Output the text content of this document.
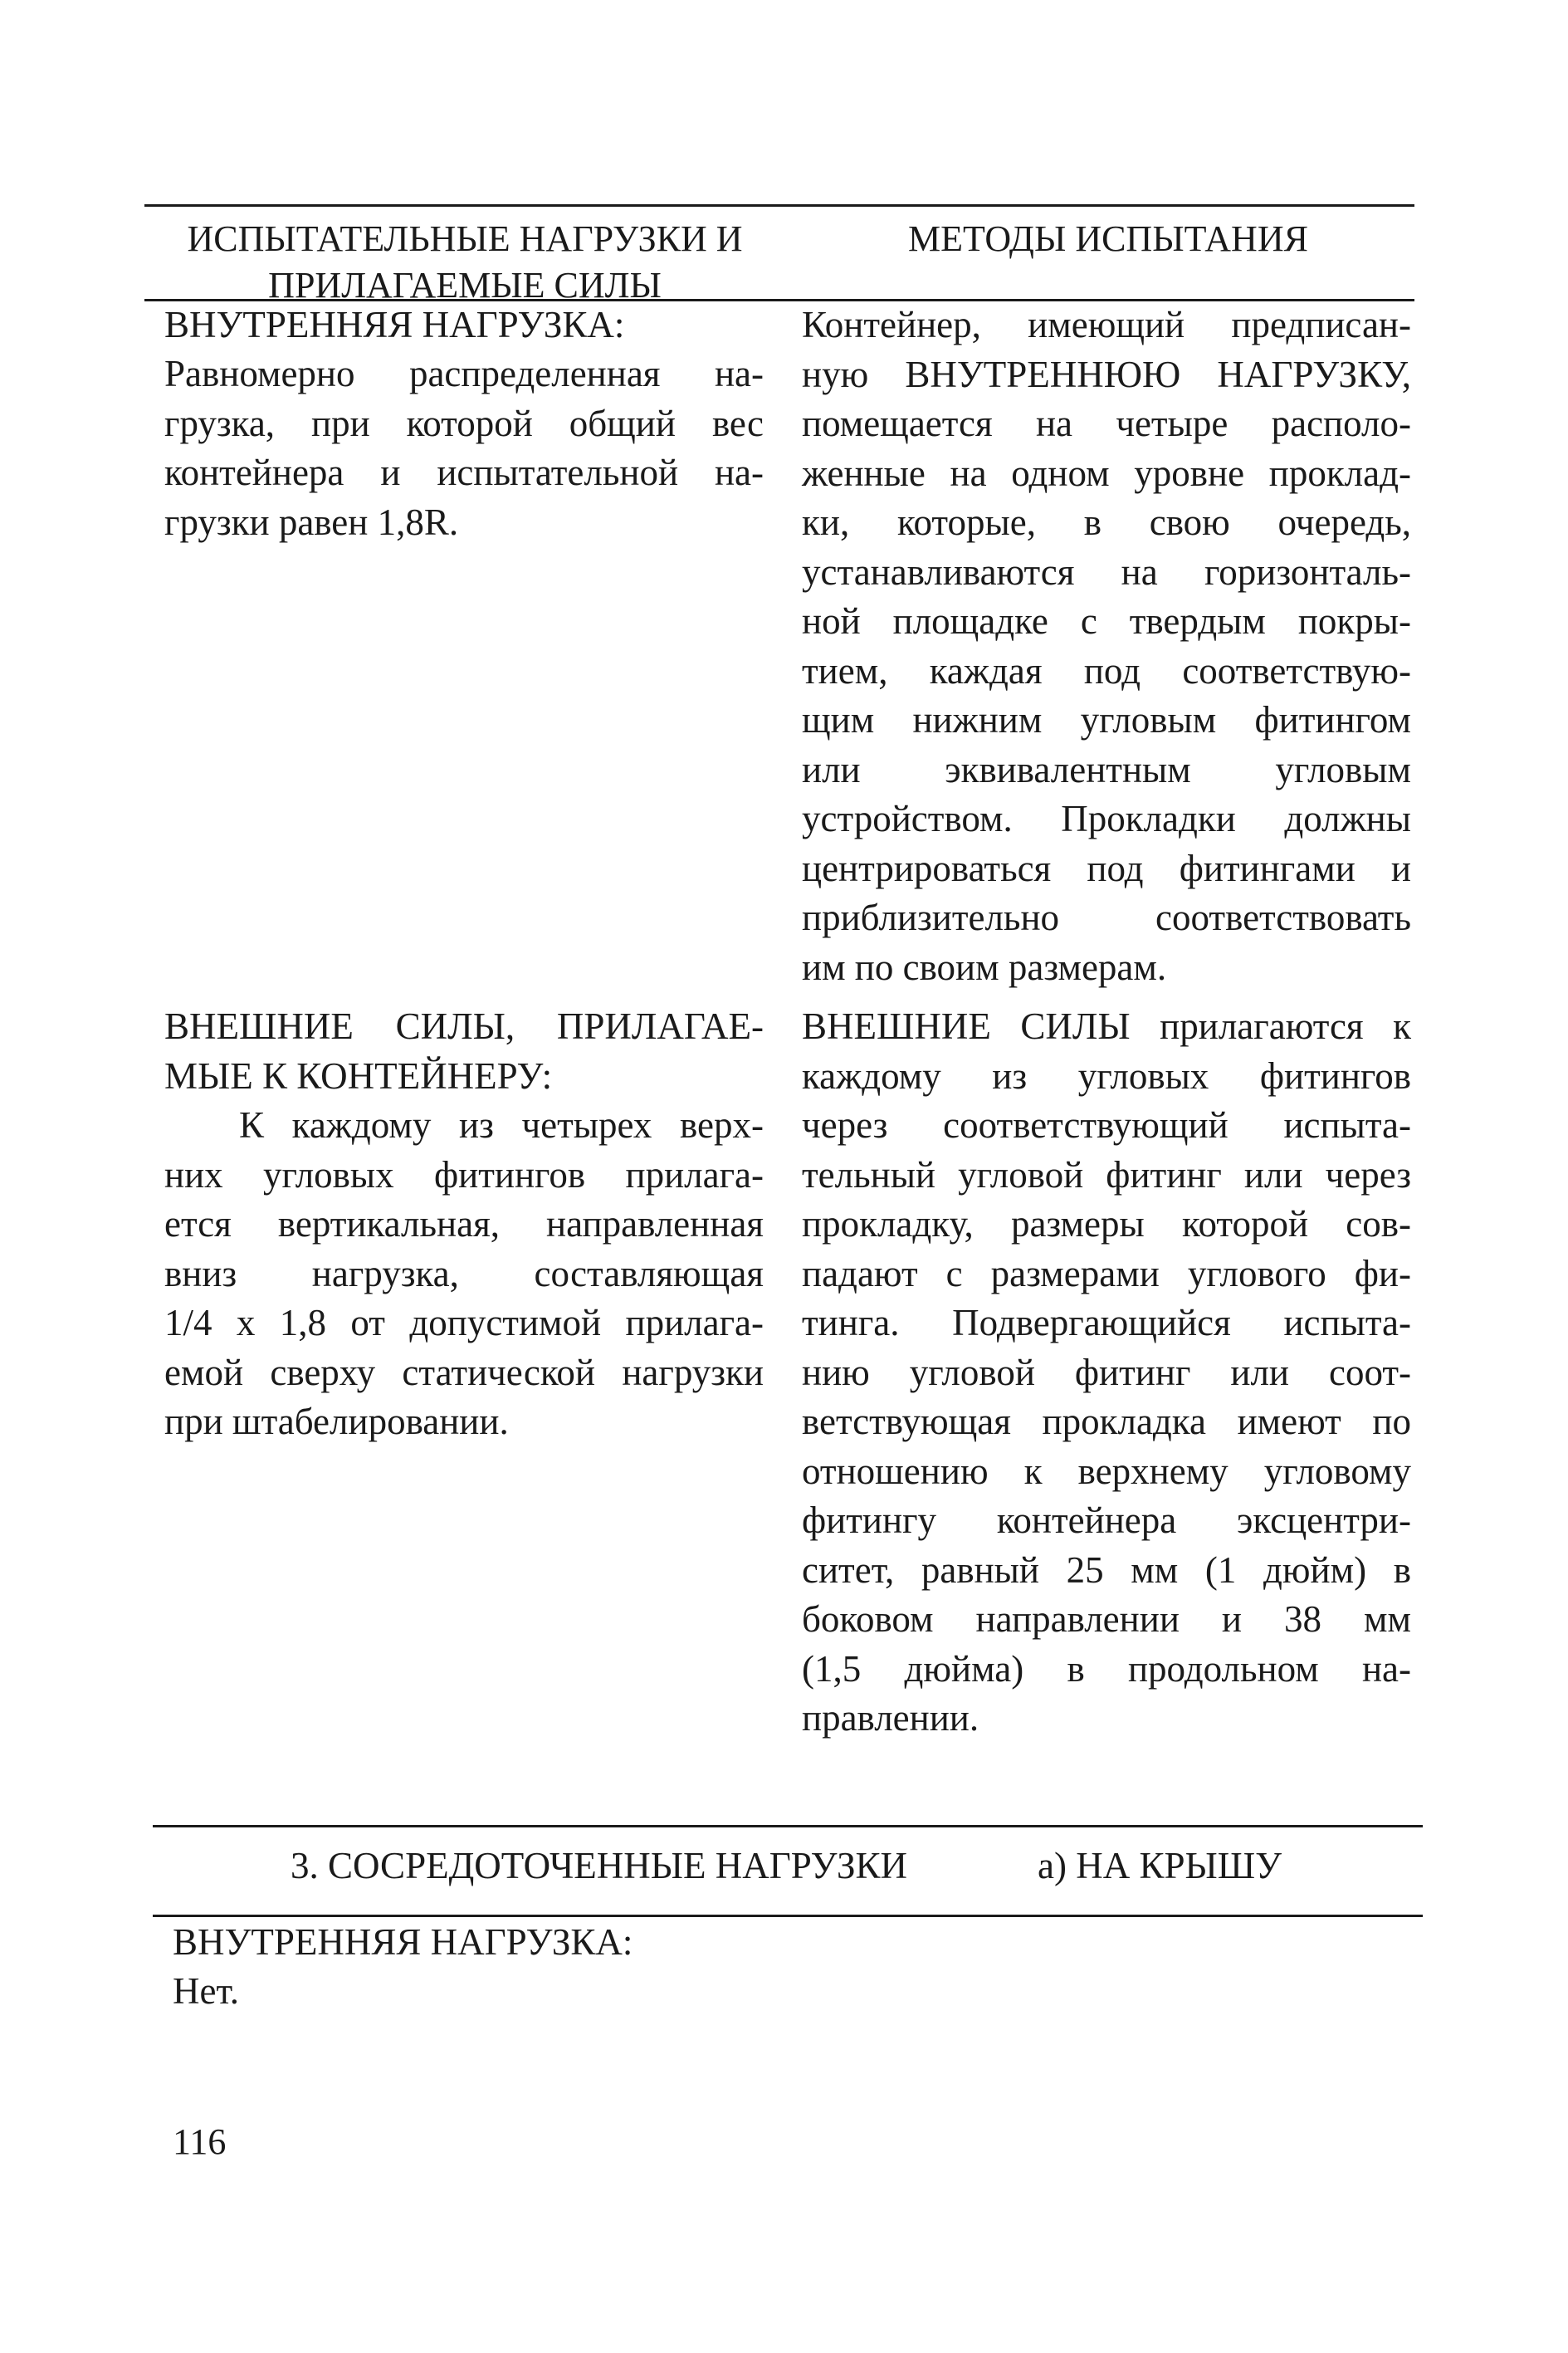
ИСПЫТАТЕЛЬНЫЕ НАГРУЗКИ И
ПРИЛАГАЕМЫЕ СИЛЫ

МЕТОДЫ ИСПЫТАНИЯ

ВНУТРЕННЯЯ НАГРУЗКА:

Равномерно распределенная на-
грузка, при которой общий вес
контейнера и испытательной на-
грузки равен 1,8R.
Контейнер, имеющий предписан-
ную ВНУТРЕННЮЮ НАГРУЗКУ,
помещается на четыре располо-
женные на одном уровне проклад-
ки, которые, в свою очередь,
устанавливаются на горизонталь-
ной площадке с твердым покры-
тием, каждая под соответствую-
щим нижним угловым фитингом
или эквивалентным угловым
устройством. Прокладки должны
центрироваться под фитингами и
приблизительно соответствовать
им по своим размерам.
ВНЕШНИЕ СИЛЫ, ПРИЛАГАЕ-
МЫЕ К КОНТЕЙНЕРУ:
К каждому из четырех верх-
них угловых фитингов прилага-
ется вертикальная, направленная
вниз нагрузка, составляющая
1/4 x 1,8 от допустимой прилага-
емой сверху статической нагрузки
при штабелировании.
ВНЕШНИЕ СИЛЫ прилагаются к
каждому из угловых фитингов
через соответствующий испыта-
тельный угловой фитинг или через
прокладку, размеры которой сов-
падают с размерами углового фи-
тинга. Подвергающийся испыта-
нию угловой фитинг или соот-
ветствующая прокладка имеют по
отношению к верхнему угловому
фитингу контейнера эксцентри-
ситет, равный 25 мм (1 дюйм) в
боковом направлении и 38 мм
(1,5 дюйма) в продольном на-
правлении.

3. СОСРЕДОТОЧЕННЫЕ НАГРУЗКИ	а) НА КРЫШУ

ВНУТРЕННЯЯ НАГРУЗКА:

Нет.

116
